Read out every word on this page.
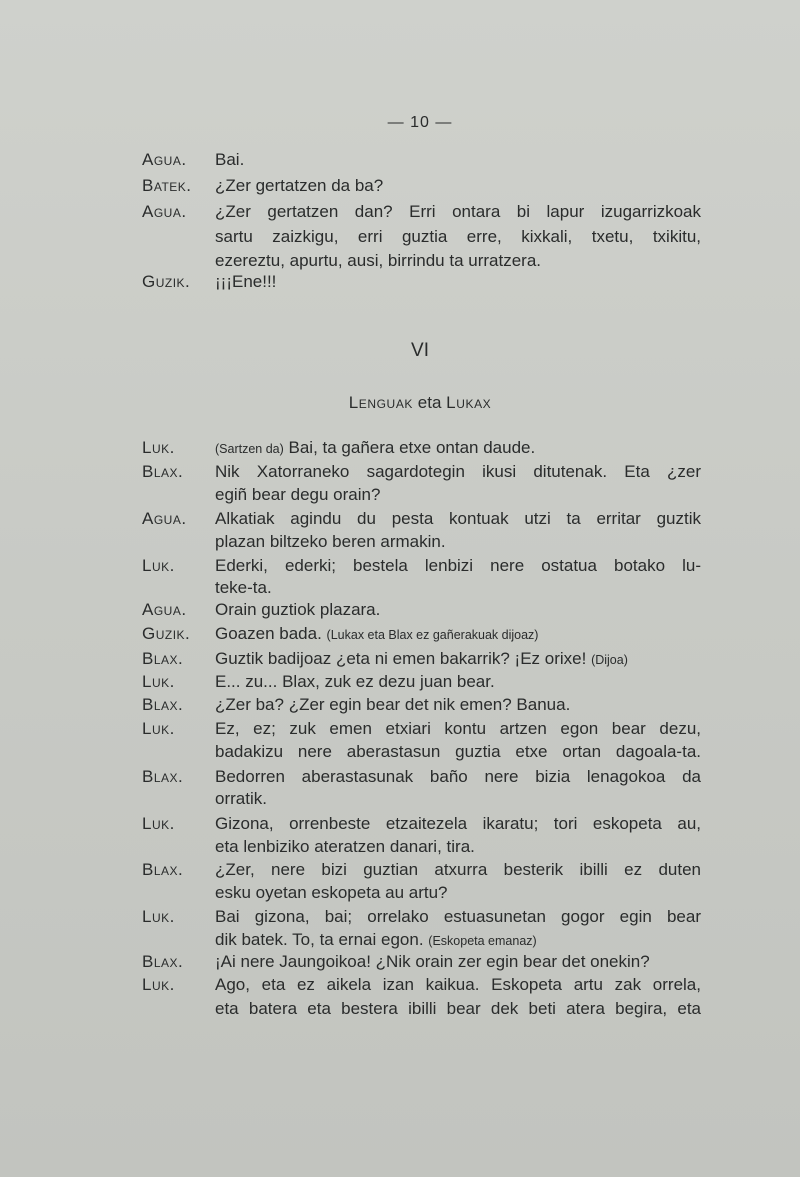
— 10 —
Agua. Bai.
Batek. ¿Zer gertatzen da ba?
Agua. ¿Zer gertatzen dan? Erri ontara bi lapur izugarrizkoak
sartu zaizkigu, erri guztia erre, kixkali, txetu, txikitu,
ezereztu, apurtu, ausi, birrindu ta urratzera.
Guzik. ¡¡¡Ene!!!
VI
Lenguak eta Lukax
Luk.	(Sartzen da) Bai, ta gañera etxe ontan daude.
Blax. Nik Xatorraneko sagardotegin ikusi ditutenak. Eta ¿zer
egiñ bear degu orain?
Agua. Alkatiak agindu du pesta kontuak utzi ta erritar guztik
plazan biltzeko beren armakin.
Luk. Ederki, ederki; bestela lenbizi nere ostatua botako lu-
teke-ta.
Agua. Orain guztiok plazara.
Guzik. Goazen bada. (Lukax eta Blax ez gañerakuak dijoaz)
Blax. Guztik badijoaz ¿eta ni emen bakarrik? ¡Ez orixe! (Dijoa)
Luk. E... zu... Blax, zuk ez dezu juan bear.
Blax. ¿Zer ba? ¿Zer egin bear det nik emen? Banua.
Luk. Ez, ez; zuk emen etxiari kontu artzen egon bear dezu,
badakizu nere aberastasun guztia etxe ortan dagoala-ta.
Blax. Bedorren aberastasunak baño nere bizia lenagokoa da
orratik.
Luk. Gizona, orrenbeste etzaitezela ikaratu; tori eskopeta au,
eta lenbiziko ateratzen danari, tira.
Blax. ¿Zer, nere bizi guztian atxurra besterik ibilli ez duten
esku oyetan eskopeta au artu?
Luk. Bai gizona, bai; orrelako estuasunetan gogor egin bear
dik batek. To, ta ernai egon. (Eskopeta emanaz)
Blax. ¡Ai nere Jaungoikoa! ¿Nik orain zer egin bear det onekin?
Luk. Ago, eta ez aikela izan kaikua. Eskopeta artu zak orrela,
eta batera eta bestera ibilli bear dek beti atera begira, eta
